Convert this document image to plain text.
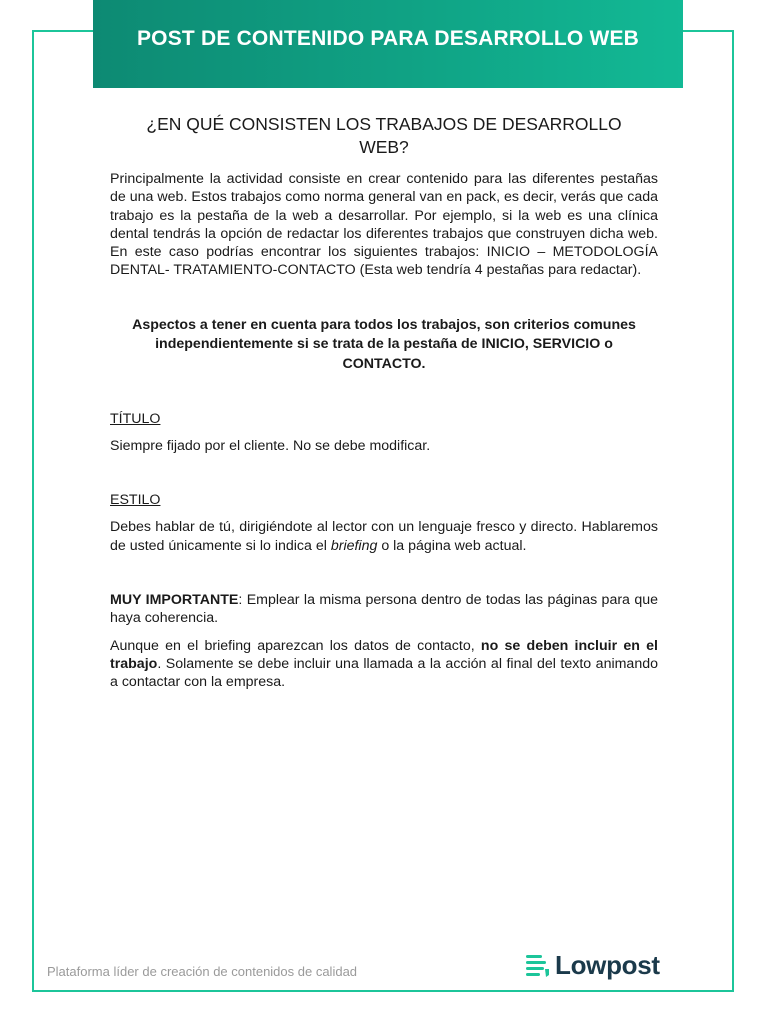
POST DE CONTENIDO PARA DESARROLLO WEB
¿EN QUÉ CONSISTEN LOS TRABAJOS DE DESARROLLO WEB?

Principalmente la actividad consiste en crear contenido para las diferentes pestañas de una web. Estos trabajos como norma general van en pack, es decir, verás que cada trabajo es la pestaña de la web a desarrollar. Por ejemplo, si la web es una clínica dental tendrás la opción de redactar los diferentes trabajos que construyen dicha web. En este caso podrías encontrar los siguientes trabajos: INICIO – METODOLOGÍA DENTAL- TRATAMIENTO-CONTACTO (Esta web tendría 4 pestañas para redactar).

Aspectos a tener en cuenta para todos los trabajos, son criterios comunes independientemente si se trata de la pestaña de INICIO, SERVICIO o CONTACTO.

TÍTULO

Siempre fijado por el cliente. No se debe modificar.

ESTILO

Debes hablar de tú, dirigiéndote al lector con un lenguaje fresco y directo. Hablaremos de usted únicamente si lo indica el briefing o la página web actual.

MUY IMPORTANTE: Emplear la misma persona dentro de todas las páginas para que haya coherencia.

Aunque en el briefing aparezcan los datos de contacto, no se deben incluir en el trabajo. Solamente se debe incluir una llamada a la acción al final del texto animando a contactar con la empresa.

Plataforma líder de creación de contenidos de calidad	Lowpost
